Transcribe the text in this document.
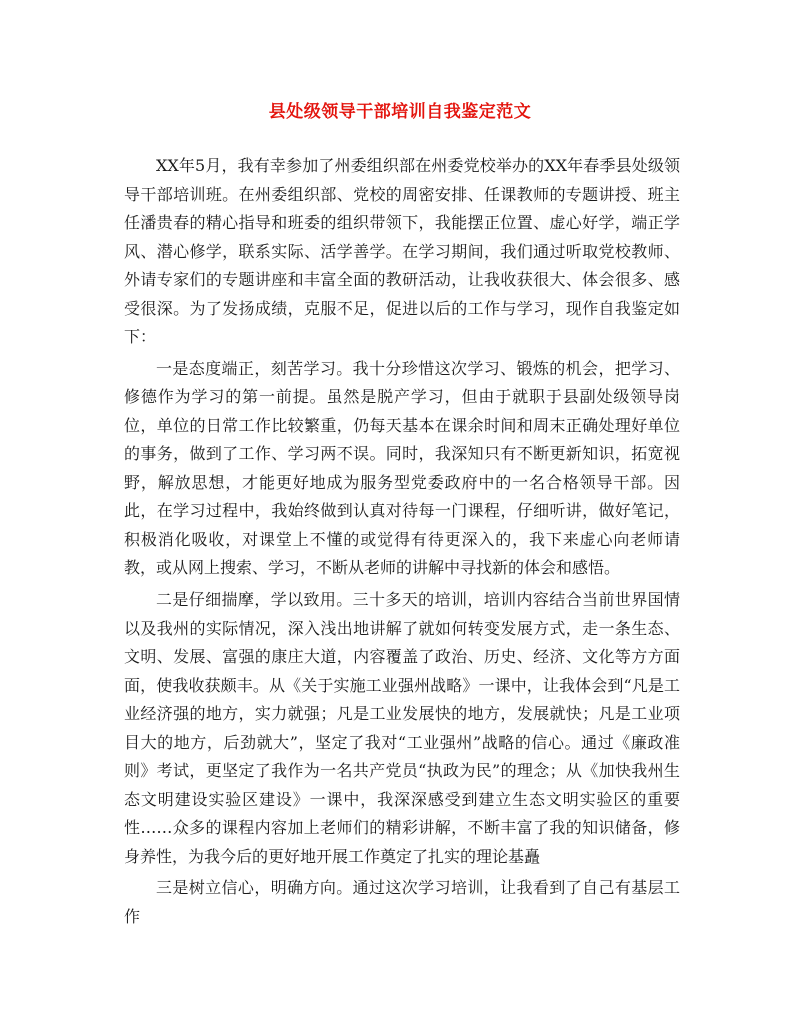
县处级领导干部培训自我鉴定范文

XX年5月，我有幸参加了州委组织部在州委党校举办的XX年春季县处级领导干部培训班。在州委组织部、党校的周密安排、任课教师的专题讲授、班主任潘贵春的精心指导和班委的组织带领下，我能摆正位置、虚心好学，端正学风、潜心修学，联系实际、活学善学。在学习期间，我们通过听取党校教师、外请专家们的专题讲座和丰富全面的教研活动，让我收获很大、体会很多、感受很深。为了发扬成绩，克服不足，促进以后的工作与学习，现作自我鉴定如下：

一是态度端正，刻苦学习。我十分珍惜这次学习、锻炼的机会，把学习、修德作为学习的第一前提。虽然是脱产学习，但由于就职于县副处级领导岗位，单位的日常工作比较繁重，仍每天基本在课余时间和周末正确处理好单位的事务，做到了工作、学习两不误。同时，我深知只有不断更新知识，拓宽视野，解放思想，才能更好地成为服务型党委政府中的一名合格领导干部。因此，在学习过程中，我始终做到认真对待每一门课程，仔细听讲，做好笔记，积极消化吸收，对课堂上不懂的或觉得有待更深入的，我下来虚心向老师请教，或从网上搜索、学习，不断从老师的讲解中寻找新的体会和感悟。

二是仔细揣摩，学以致用。三十多天的培训，培训内容结合当前世界国情以及我州的实际情况，深入浅出地讲解了就如何转变发展方式，走一条生态、文明、发展、富强的康庄大道，内容覆盖了政治、历史、经济、文化等方方面面，使我收获颇丰。从《关于实施工业强州战略》一课中，让我体会到“凡是工业经济强的地方，实力就强；凡是工业发展快的地方，发展就快；凡是工业项目大的地方，后劲就大”，坚定了我对“工业强州”战略的信心。通过《廉政准则》考试，更坚定了我作为一名共产党员“执政为民”的理念；从《加快我州生态文明建设实验区建设》一课中，我深深感受到建立生态文明实验区的重要性……众多的课程内容加上老师们的精彩讲解，不断丰富了我的知识储备，修身养性，为我今后的更好地开展工作奠定了扎实的理论基矗

三是树立信心，明确方向。通过这次学习培训，让我看到了自己有基层工作
